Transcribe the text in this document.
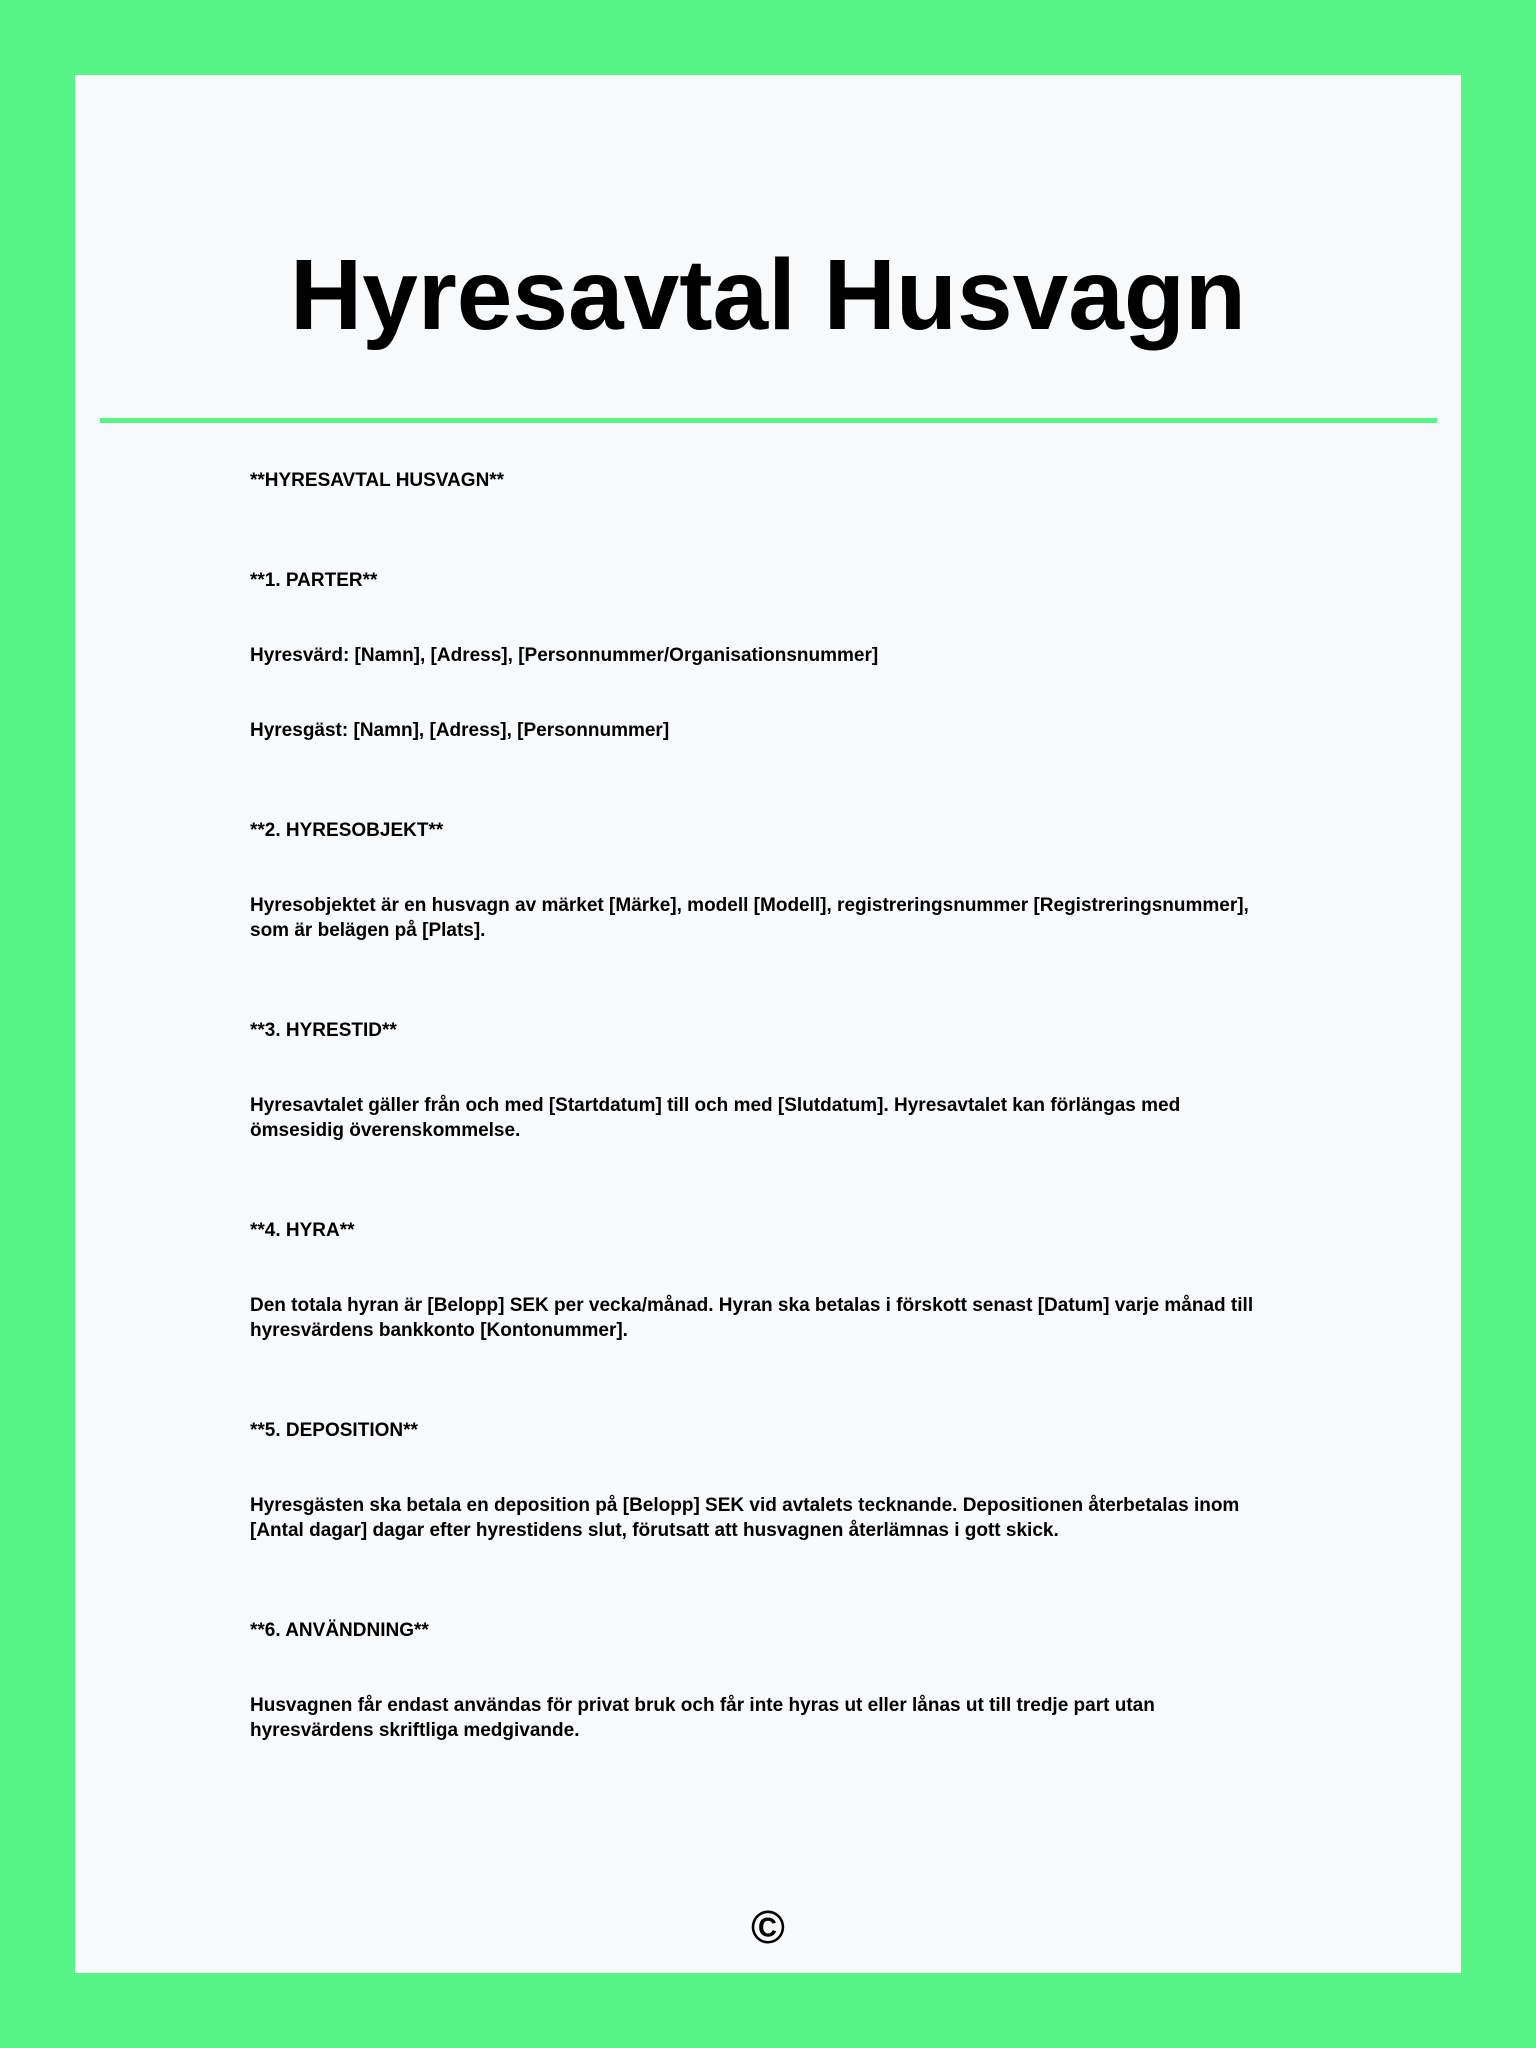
Hyresavtal Husvagn

**HYRESAVTAL HUSVAGN**

**1. PARTER**

Hyresvärd: [Namn], [Adress], [Personnummer/Organisationsnummer]

Hyresgäst: [Namn], [Adress], [Personnummer]

**2. HYRESOBJEKT**

Hyresobjektet är en husvagn av märket [Märke], modell [Modell], registreringsnummer [Registreringsnummer], som är belägen på [Plats].

**3. HYRESTID**

Hyresavtalet gäller från och med [Startdatum] till och med [Slutdatum]. Hyresavtalet kan förlängas med ömsesidig överenskommelse.

**4. HYRA**

Den totala hyran är [Belopp] SEK per vecka/månad. Hyran ska betalas i förskott senast [Datum] varje månad till hyresvärdens bankkonto [Kontonummer].

**5. DEPOSITION**

Hyresgästen ska betala en deposition på [Belopp] SEK vid avtalets tecknande. Depositionen återbetalas inom [Antal dagar] dagar efter hyrestidens slut, förutsatt att husvagnen återlämnas i gott skick.

**6. ANVÄNDNING**

Husvagnen får endast användas för privat bruk och får inte hyras ut eller lånas ut till tredje part utan hyresvärdens skriftliga medgivande.

©
